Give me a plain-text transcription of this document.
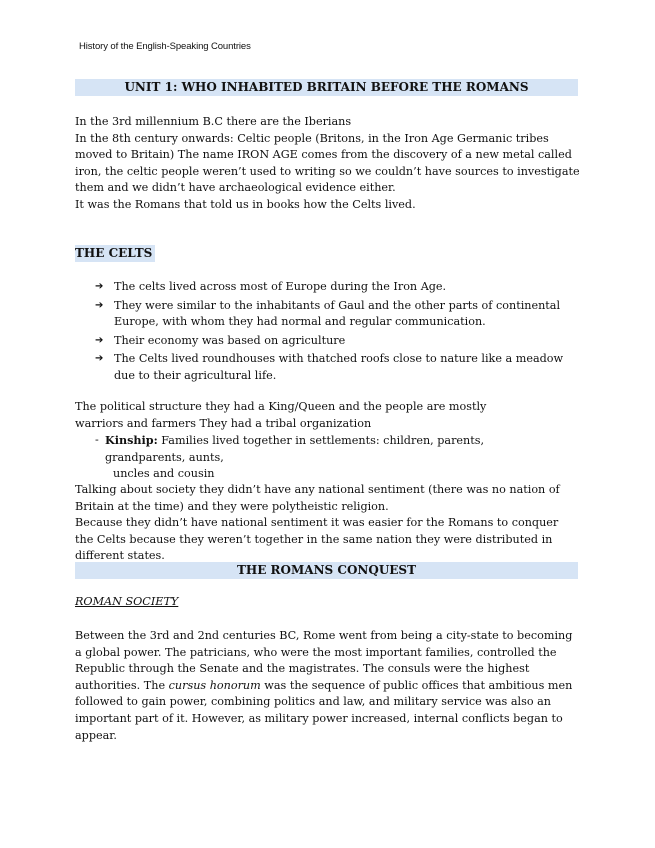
History of the English-Speaking Countries
UNIT 1: WHO INHABITED BRITAIN BEFORE THE ROMANS

In the 3rd millennium B.C there are the Iberians

In the 8th century onwards: Celtic people (Britons, in the Iron Age Germanic tribes moved to Britain) The name IRON AGE comes from the discovery of a new metal called iron, the celtic people weren’t used to writing so we couldn’t have sources to investigate them and we didn’t have archaeological evidence either.

It was the Romans that told us in books how the Celts lived.

THE CELTS
➔ The celts lived across most of Europe during the Iron Age.
➔ They were similar to the inhabitants of Gaul and the other parts of continental Europe, with whom they had normal and regular communication.
➔ Their economy was based on agriculture
➔ The Celts lived roundhouses with thatched roofs close to nature like a meadow due to their agricultural life.
The political structure they had a King/Queen and the people are mostly warriors and farmers They had a tribal organization
- Kinship: Families lived together in settlements: children, parents, grandparents, aunts,
uncles and cousin

Talking about society they didn’t have any national sentiment (there was no nation of Britain at the time) and they were polytheistic religion.

Because they didn’t have national sentiment it was easier for the Romans to conquer the Celts because they weren’t together in the same nation they were distributed in different states.

THE ROMANS CONQUEST
ROMAN SOCIETY
Between the 3rd and 2nd centuries BC, Rome went from being a city-state to becoming a global power. The patricians, who were the most important families, controlled the Republic through the Senate and the magistrates. The consuls were the highest authorities. The cursus honorum was the sequence of public offices that ambitious men followed to gain power, combining politics and law, and military service was also an important part of it. However, as military power increased, internal conflicts began to appear.
